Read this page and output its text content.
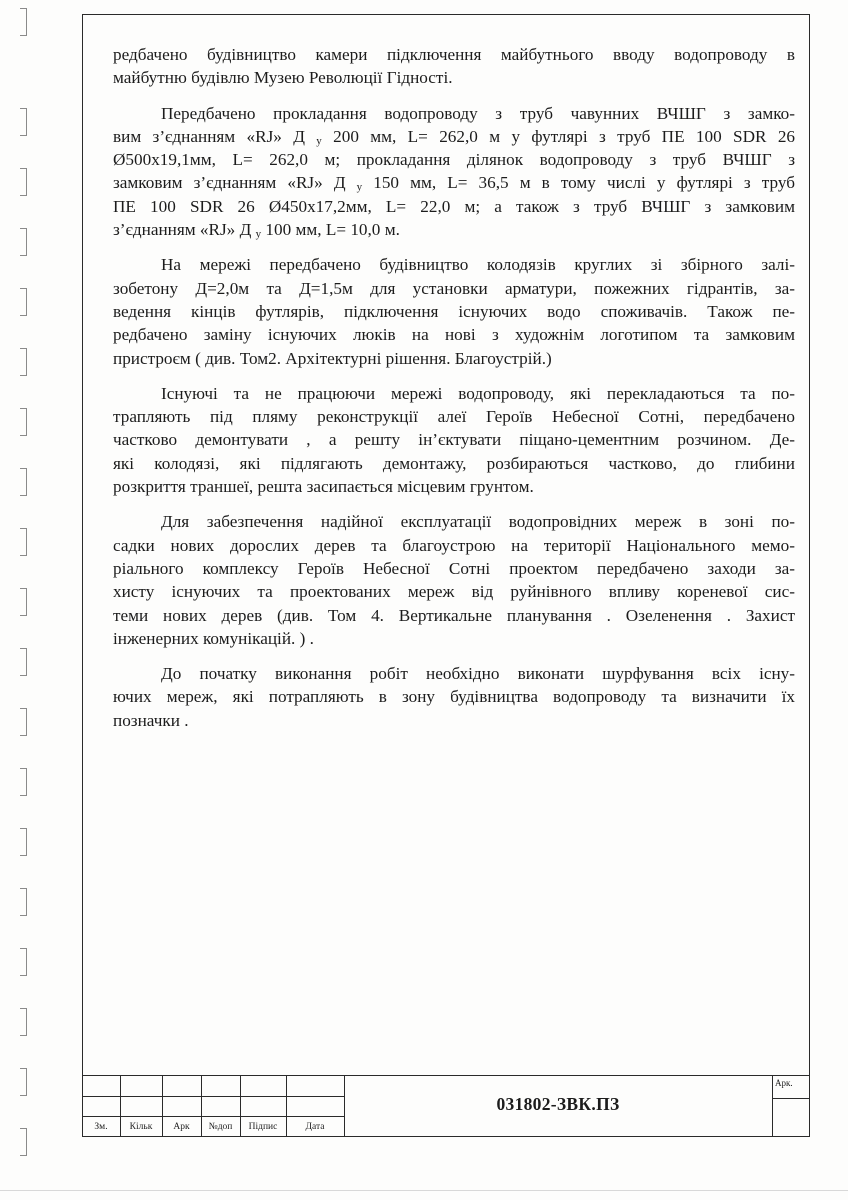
редбачено будівництво камери підключення майбутнього вводу водопроводу в
майбутню будівлю Музею Революції Гідності.

Передбачено прокладання водопроводу з труб чавунних ВЧШГ з замко-
вим з’єднанням «RJ» Д $_у$ 200 мм, L= 262,0 м у футлярі з труб ПЕ 100 SDR 26
Ø500х19,1мм, L= 262,0 м; прокладання ділянок водопроводу з труб ВЧШГ з
замковим з’єднанням «RJ» Д $_у$ 150 мм, L= 36,5 м в тому числі у футлярі з труб
ПЕ 100 SDR 26 Ø450х17,2мм, L= 22,0 м; а також з труб ВЧШГ з замковим
з’єднанням «RJ» Д $_у$ 100 мм, L= 10,0 м.

На мережі передбачено будівництво колодязів круглих зі збірного залі-
зобетону Д=2,0м та Д=1,5м для установки арматури, пожежних гідрантів, за-
ведення кінців футлярів, підключення існуючих водо споживачів. Також пе-
редбачено заміну існуючих люків на нові з художнім логотипом та замковим
пристроєм ( див. Том2. Архітектурні рішення. Благоустрій.)

Існуючі та не працюючи мережі водопроводу, які перекладаються та по-
трапляють під пляму реконструкції алеї Героїв Небесної Сотні, передбачено
частково демонтувати , а решту ін’єктувати піщано-цементним розчином. Де-
які колодязі, які підлягають демонтажу, розбираються частково, до глибини
розкриття траншеї, решта засипається місцевим грунтом.

Для забезпечення надійної експлуатації водопровідних мереж в зоні по-
садки нових дорослих дерев та благоустрою на території Національного мемо-
ріального комплексу Героїв Небесної Сотні проектом передбачено заходи за-
хисту існуючих та проектованих мереж від руйнівного впливу кореневої сис-
теми нових дерев (див. Том 4. Вертикальне планування . Озеленення . Захист
інженерних комунікацій. ) .

До початку виконання робіт необхідно виконати шурфування всіх існу-
ючих мереж, які потрапляють в зону будівництва водопроводу та визначити їх
позначки .

Зм.	Кільк	Арк	№доп	Підпис	Дата
031802-ЗВК.ПЗ
Арк.
